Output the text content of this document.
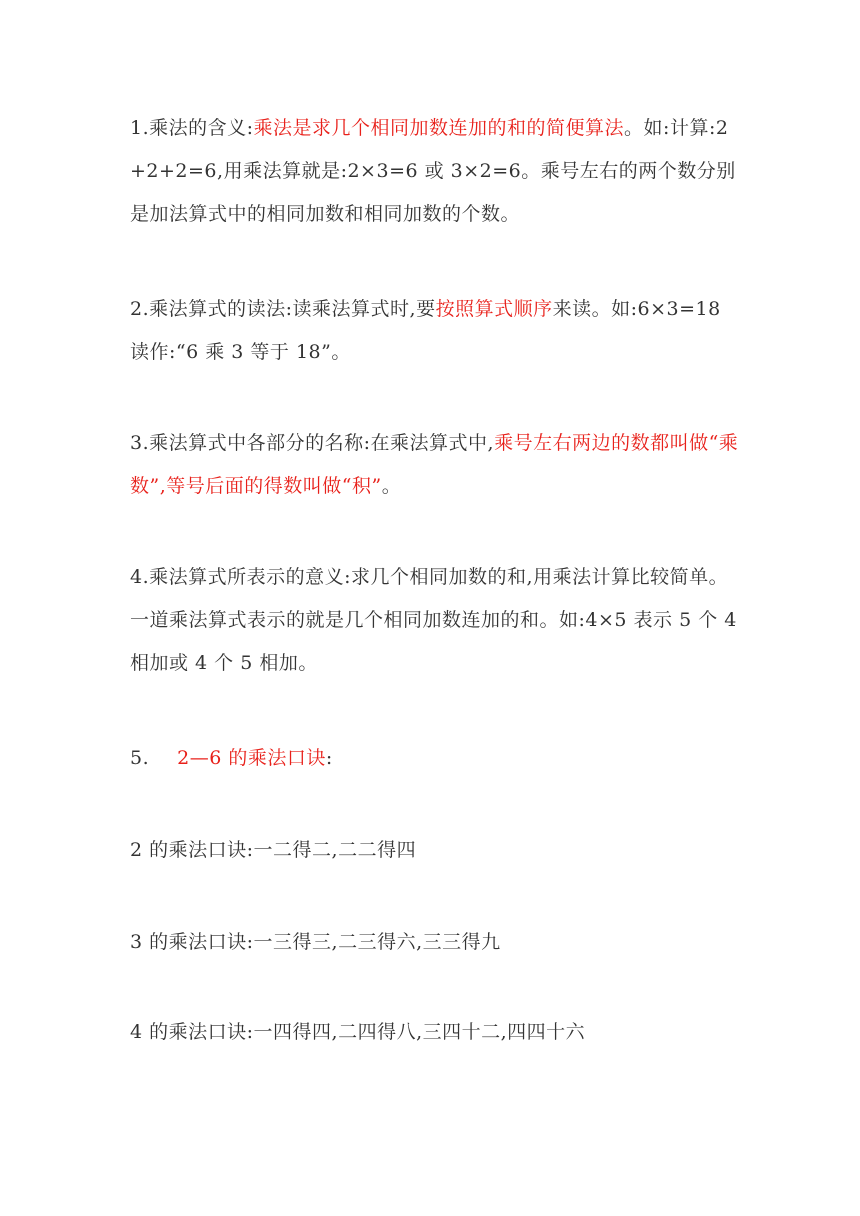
1.乘法的含义:乘法是求几个相同加数连加的和的简便算法。如:计算:2+2+2=6,用乘法算就是:2×3=6 或 3×2=6。乘号左右的两个数分别是加法算式中的相同加数和相同加数的个数。

2.乘法算式的读法:读乘法算式时,要按照算式顺序来读。如:6×3=18 读作:“6 乘 3 等于 18”。

3.乘法算式中各部分的名称:在乘法算式中,乘号左右两边的数都叫做“乘数”,等号后面的得数叫做“积”。

4.乘法算式所表示的意义:求几个相同加数的和,用乘法计算比较简单。一道乘法算式表示的就是几个相同加数连加的和。如:4×5 表示 5 个 4 相加或 4 个 5 相加。

5. 2—6 的乘法口诀:

2 的乘法口诀:一二得二,二二得四

3 的乘法口诀:一三得三,二三得六,三三得九

4 的乘法口诀:一四得四,二四得八,三四十二,四四十六
